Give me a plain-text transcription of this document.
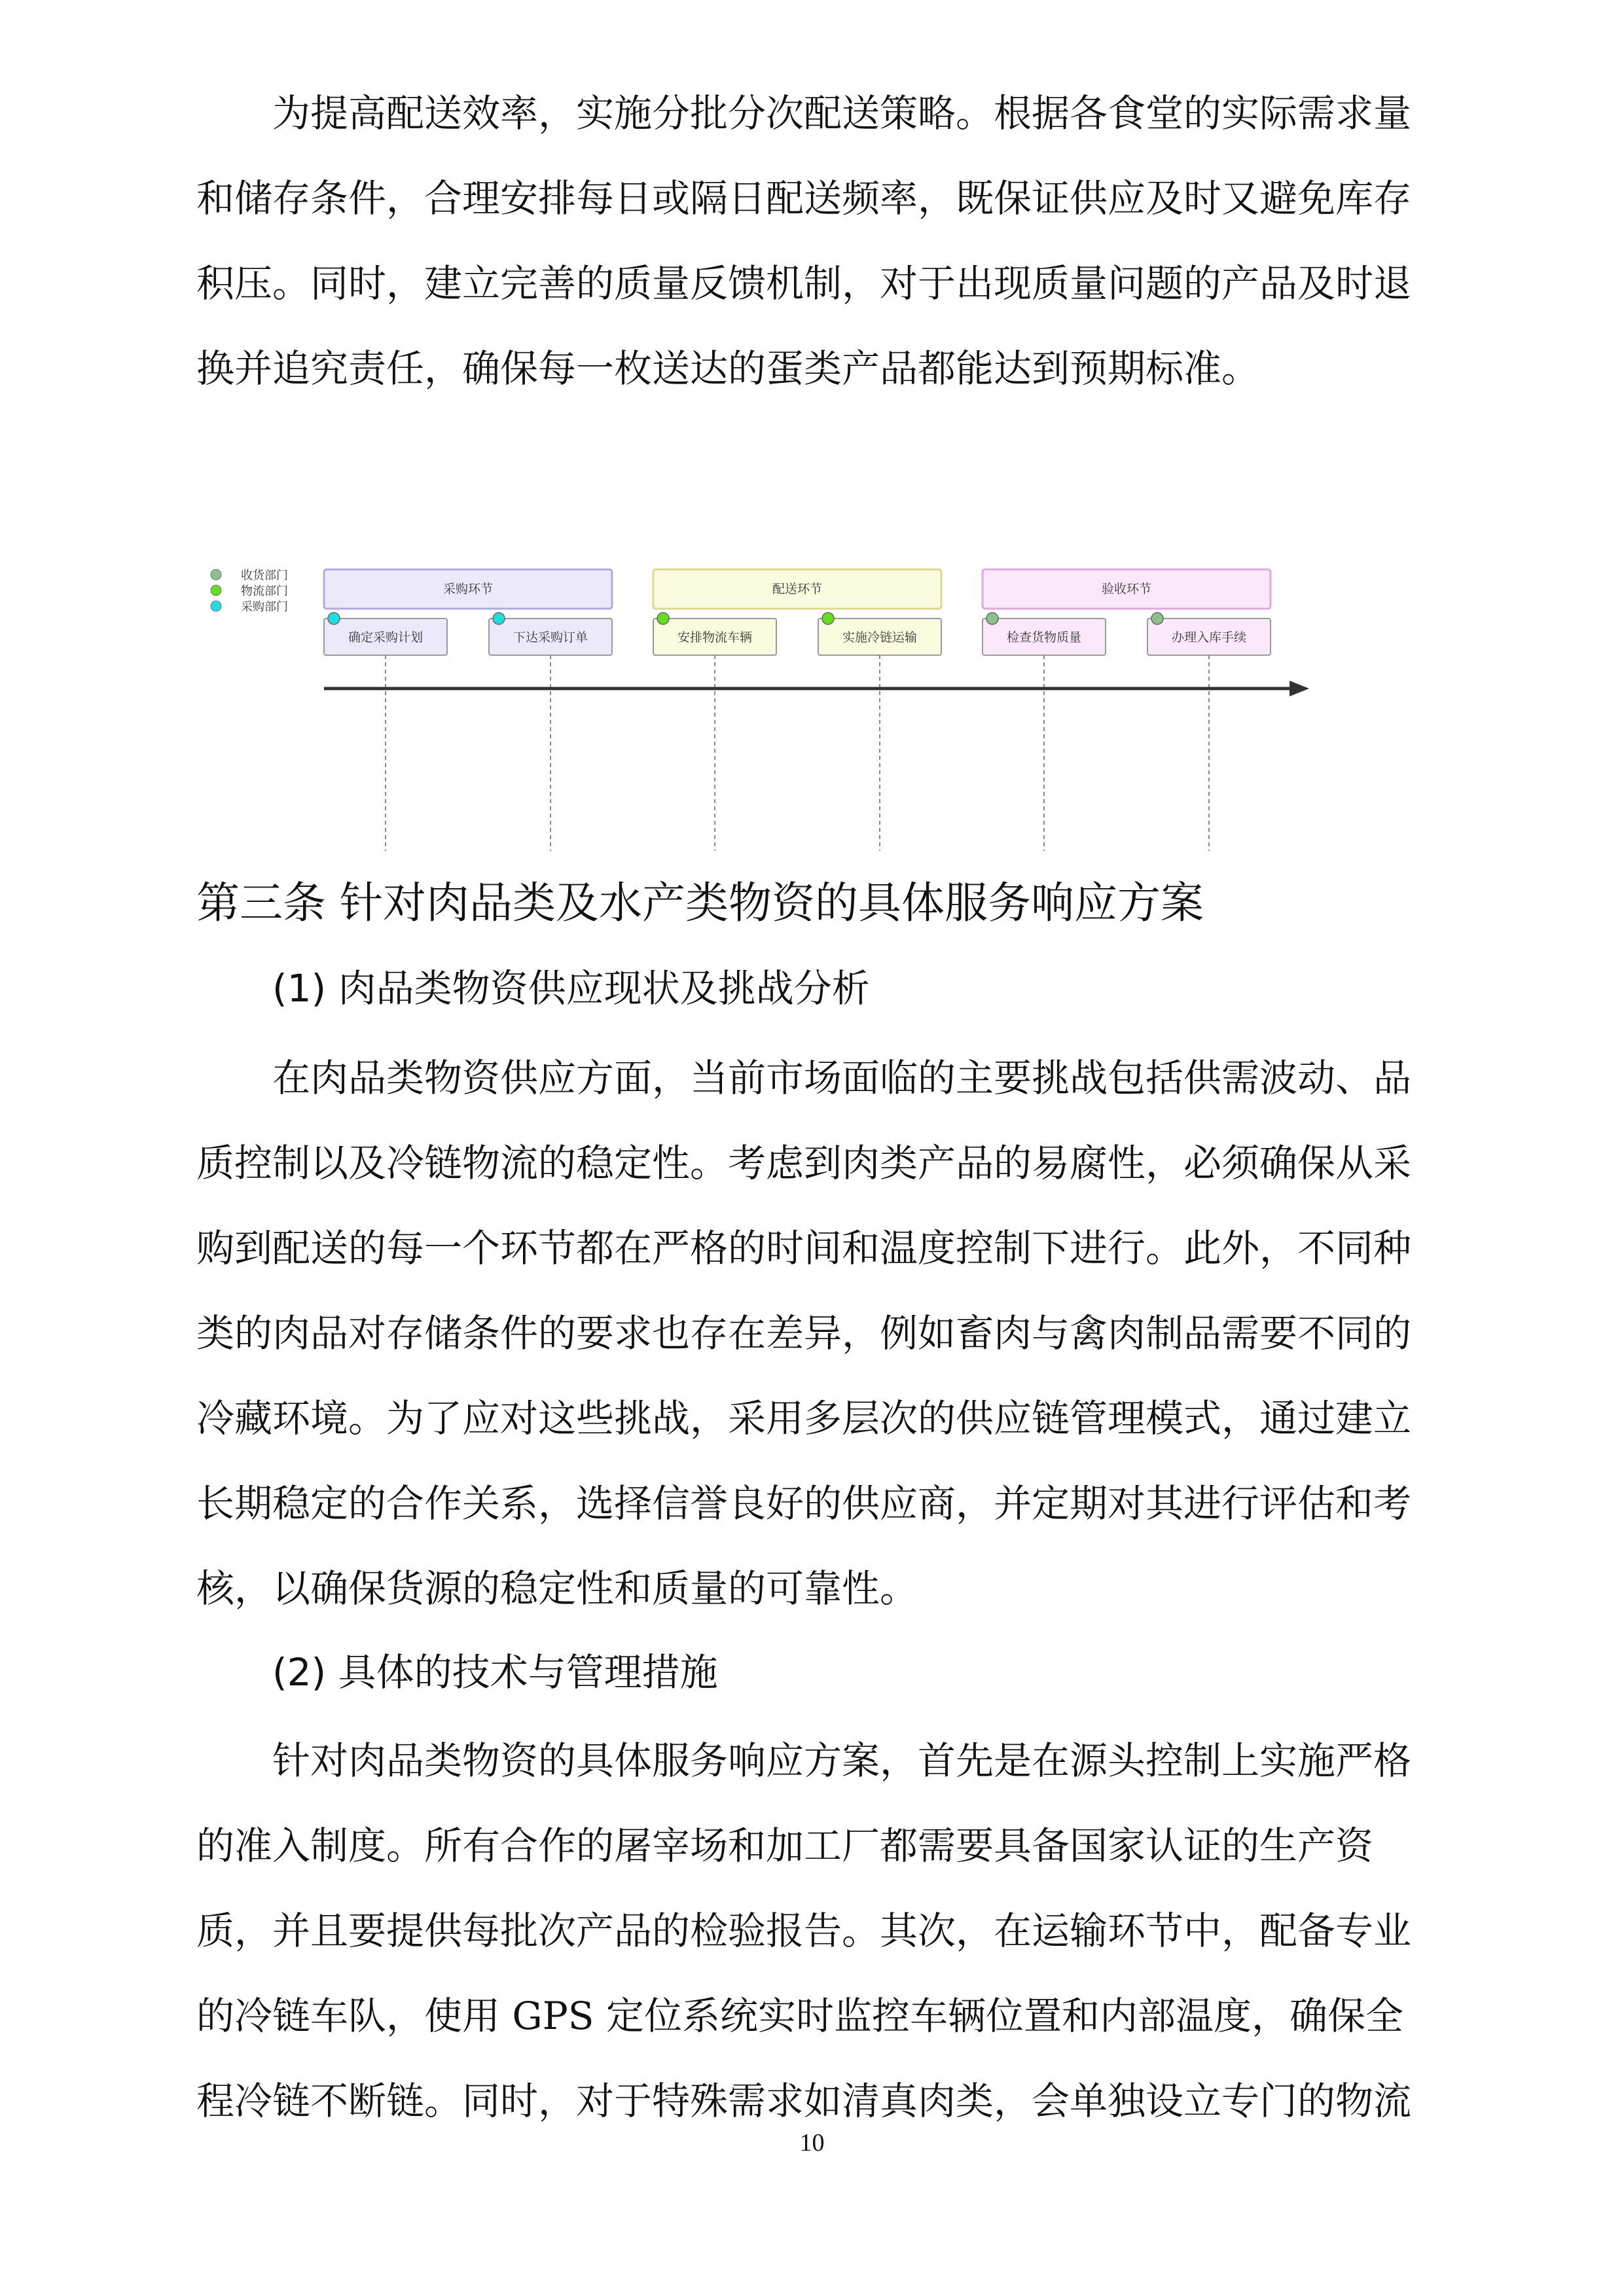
为提高配送效率，实施分批分次配送策略。根据各食堂的实际需求量
和储存条件，合理安排每日或隔日配送频率，既保证供应及时又避免库存
积压。同时，建立完善的质量反馈机制，对于出现质量问题的产品及时退
换并追究责任，确保每一枚送达的蛋类产品都能达到预期标准。
收货部门
物流部门
采购部门
采购环节
确定采购计划	下达采购订单
配送环节
安排物流车辆	实施冷链运输
验收环节
检查货物质量	办理入库手续
第三条 针对肉品类及水产类物资的具体服务响应方案

(1) 肉品类物资供应现状及挑战分析

在肉品类物资供应方面，当前市场面临的主要挑战包括供需波动、品
质控制以及冷链物流的稳定性。考虑到肉类产品的易腐性，必须确保从采
购到配送的每一个环节都在严格的时间和温度控制下进行。此外，不同种
类的肉品对存储条件的要求也存在差异，例如畜肉与禽肉制品需要不同的
冷藏环境。为了应对这些挑战，采用多层次的供应链管理模式，通过建立
长期稳定的合作关系，选择信誉良好的供应商，并定期对其进行评估和考
核，以确保货源的稳定性和质量的可靠性。

(2) 具体的技术与管理措施

针对肉品类物资的具体服务响应方案，首先是在源头控制上实施严格
的准入制度。所有合作的屠宰场和加工厂都需要具备国家认证的生产资
质，并且要提供每批次产品的检验报告。其次，在运输环节中，配备专业
的冷链车队，使用 GPS 定位系统实时监控车辆位置和内部温度，确保全
程冷链不断链。同时，对于特殊需求如清真肉类，会单独设立专门的物流
10
